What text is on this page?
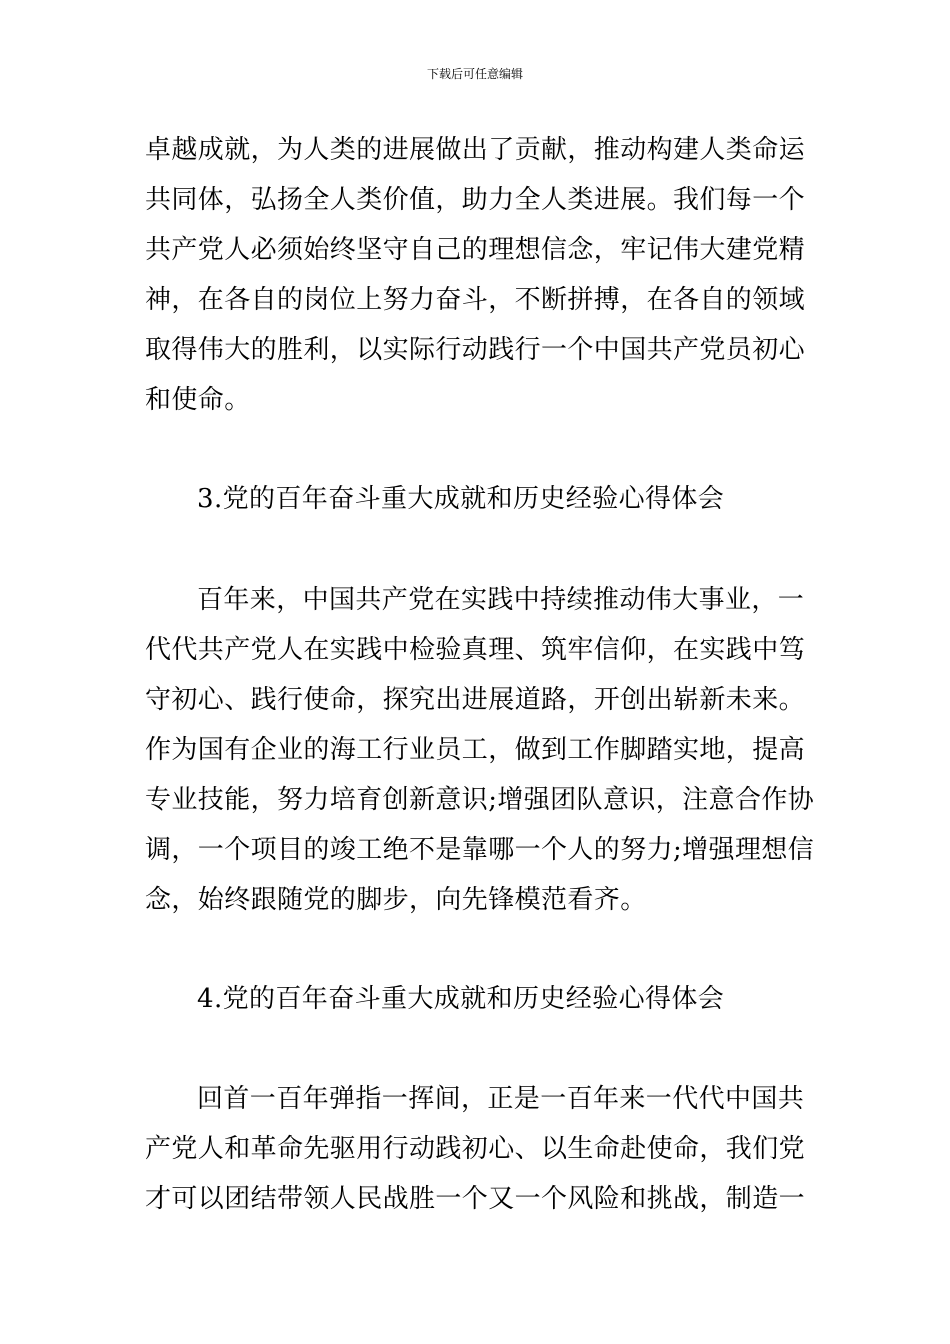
下载后可任意编辑
卓越成就，为人类的进展做出了贡献，推动构建人类命运
共同体，弘扬全人类价值，助力全人类进展。我们每一个
共产党人必须始终坚守自己的理想信念，牢记伟大建党精
神，在各自的岗位上努力奋斗，不断拼搏，在各自的领域
取得伟大的胜利，以实际行动践行一个中国共产党员初心
和使命。
3.党的百年奋斗重大成就和历史经验心得体会
百年来，中国共产党在实践中持续推动伟大事业，一
代代共产党人在实践中检验真理、筑牢信仰，在实践中笃
守初心、践行使命，探究出进展道路，开创出崭新未来。
作为国有企业的海工行业员工，做到工作脚踏实地，提高
专业技能，努力培育创新意识;增强团队意识，注意合作协
调，一个项目的竣工绝不是靠哪一个人的努力;增强理想信
念，始终跟随党的脚步，向先锋模范看齐。
4.党的百年奋斗重大成就和历史经验心得体会
回首一百年弹指一挥间，正是一百年来一代代中国共
产党人和革命先驱用行动践初心、以生命赴使命，我们党
才可以团结带领人民战胜一个又一个风险和挑战，制造一
